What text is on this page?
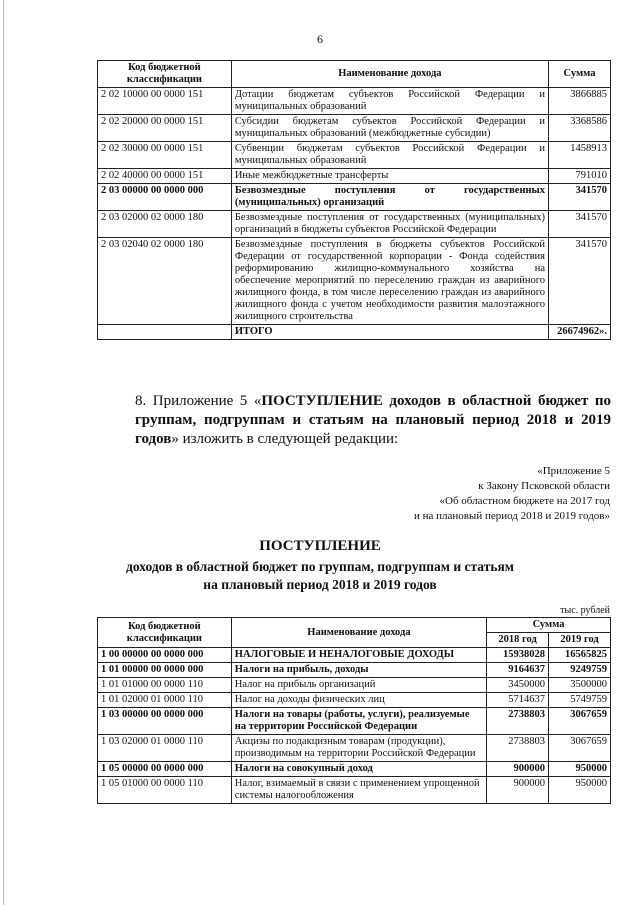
6
Код бюджетной классификации	Наименование дохода	Сумма
2 02 10000 00 0000 151	Дотации бюджетам субъектов Российской Федерации и муниципальных образований	3866885
2 02 20000 00 0000 151	Субсидии бюджетам субъектов Российской Федерации и муниципальных образований (межбюджетные субсидии)	3368586
2 02 30000 00 0000 151	Субвенции бюджетам субъектов Российской Федерации и муниципальных образований	1458913
2 02 40000 00 0000 151	Иные межбюджетные трансферты	791010
2 03 00000 00 0000 000	Безвозмездные поступления от государственных (муниципальных) организаций	341570
2 03 02000 02 0000 180	Безвозмездные поступления от государственных (муниципальных) организаций в бюджеты субъектов Российской Федерации	341570
2 03 02040 02 0000 180	Безвозмездные поступления в бюджеты субъектов Российской Федерации от государственной корпорации - Фонда содействия реформированию жилищно-коммунального хозяйства на обеспечение мероприятий по переселению граждан из аварийного жилищного фонда, в том числе переселению граждан из аварийного жилищного фонда с учетом необходимости развития малоэтажного жилищного строительства	341570
	ИТОГО	26674962».
8. Приложение 5 «ПОСТУПЛЕНИЕ доходов в областной бюджет по группам, подгруппам и статьям на плановый период 2018 и 2019 годов» изложить в следующей редакции:
«Приложение 5
к Закону Псковской области
«Об областном бюджете на 2017 год
и на плановый период 2018 и 2019 годов»
ПОСТУПЛЕНИЕ
доходов в областной бюджет по группам, подгруппам и статьям
на плановый период 2018 и 2019 годов
тыс. рублей
Код бюджетной классификации	Наименование дохода	Сумма	
		2018 год	2019 год
1 00 00000 00 0000 000	НАЛОГОВЫЕ И НЕНАЛОГОВЫЕ ДОХОДЫ	15938028	16565825
1 01 00000 00 0000 000	Налоги на прибыль, доходы	9164637	9249759
1 01 01000 00 0000 110	Налог на прибыль организаций	3450000	3500000
1 01 02000 01 0000 110	Налог на доходы физических лиц	5714637	5749759
1 03 00000 00 0000 000	Налоги на товары (работы, услуги), реализуемые на территории Российской Федерации	2738803	3067659
1 03 02000 01 0000 110	Акцизы по подакцизным товарам (продукции), производимым на территории Российской Федерации	2738803	3067659
1 05 00000 00 0000 000	Налоги на совокупный доход	900000	950000
1 05 01000 00 0000 110	Налог, взимаемый в связи с применением упрощенной системы налогообложения	900000	950000
